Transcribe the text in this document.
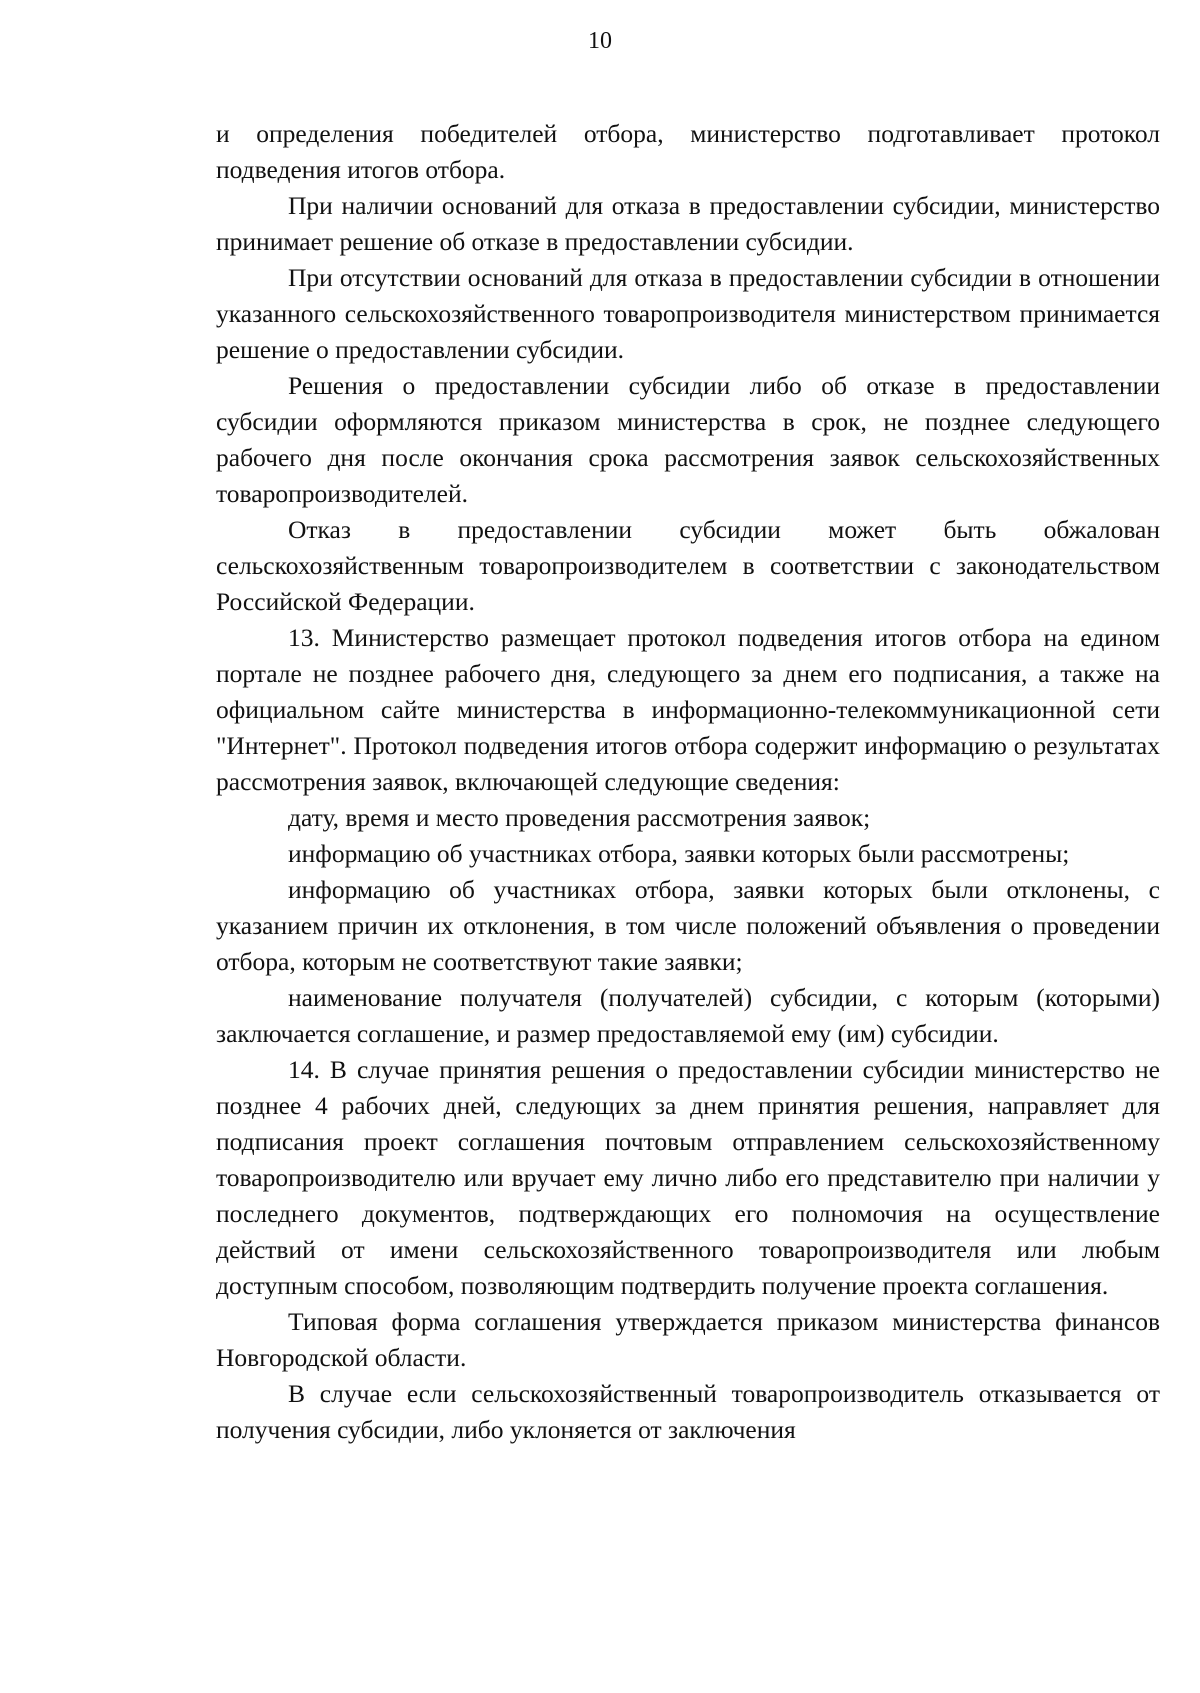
10

и определения победителей отбора, министерство подготавливает протокол подведения итогов отбора.

При наличии оснований для отказа в предоставлении субсидии, министерство принимает решение об отказе в предоставлении субсидии.

При отсутствии оснований для отказа в предоставлении субсидии в отношении указанного сельскохозяйственного товаропроизводителя министерством принимается решение о предоставлении субсидии.

Решения о предоставлении субсидии либо об отказе в предоставлении субсидии оформляются приказом министерства в срок, не позднее следующего рабочего дня после окончания срока рассмотрения заявок сельскохозяйственных товаропроизводителей.

Отказ в предоставлении субсидии может быть обжалован сельскохозяйственным товаропроизводителем в соответствии с законодательством Российской Федерации.

13. Министерство размещает протокол подведения итогов отбора на едином портале не позднее рабочего дня, следующего за днем его подписания, а также на официальном сайте министерства в информационно-телекоммуникационной сети "Интернет". Протокол подведения итогов отбора содержит информацию о результатах рассмотрения заявок, включающей следующие сведения:

дату, время и место проведения рассмотрения заявок;

информацию об участниках отбора, заявки которых были рассмотрены;

информацию об участниках отбора, заявки которых были отклонены, с указанием причин их отклонения, в том числе положений объявления о проведении отбора, которым не соответствуют такие заявки;

наименование получателя (получателей) субсидии, с которым (которыми) заключается соглашение, и размер предоставляемой ему (им) субсидии.

14. В случае принятия решения о предоставлении субсидии министерство не позднее 4 рабочих дней, следующих за днем принятия решения, направляет для подписания проект соглашения почтовым отправлением сельскохозяйственному товаропроизводителю или вручает ему лично либо его представителю при наличии у последнего документов, подтверждающих его полномочия на осуществление действий от имени сельскохозяйственного товаропроизводителя или любым доступным способом, позволяющим подтвердить получение проекта соглашения.

Типовая форма соглашения утверждается приказом министерства финансов Новгородской области.

В случае если сельскохозяйственный товаропроизводитель отказывается от получения субсидии, либо уклоняется от заключения
